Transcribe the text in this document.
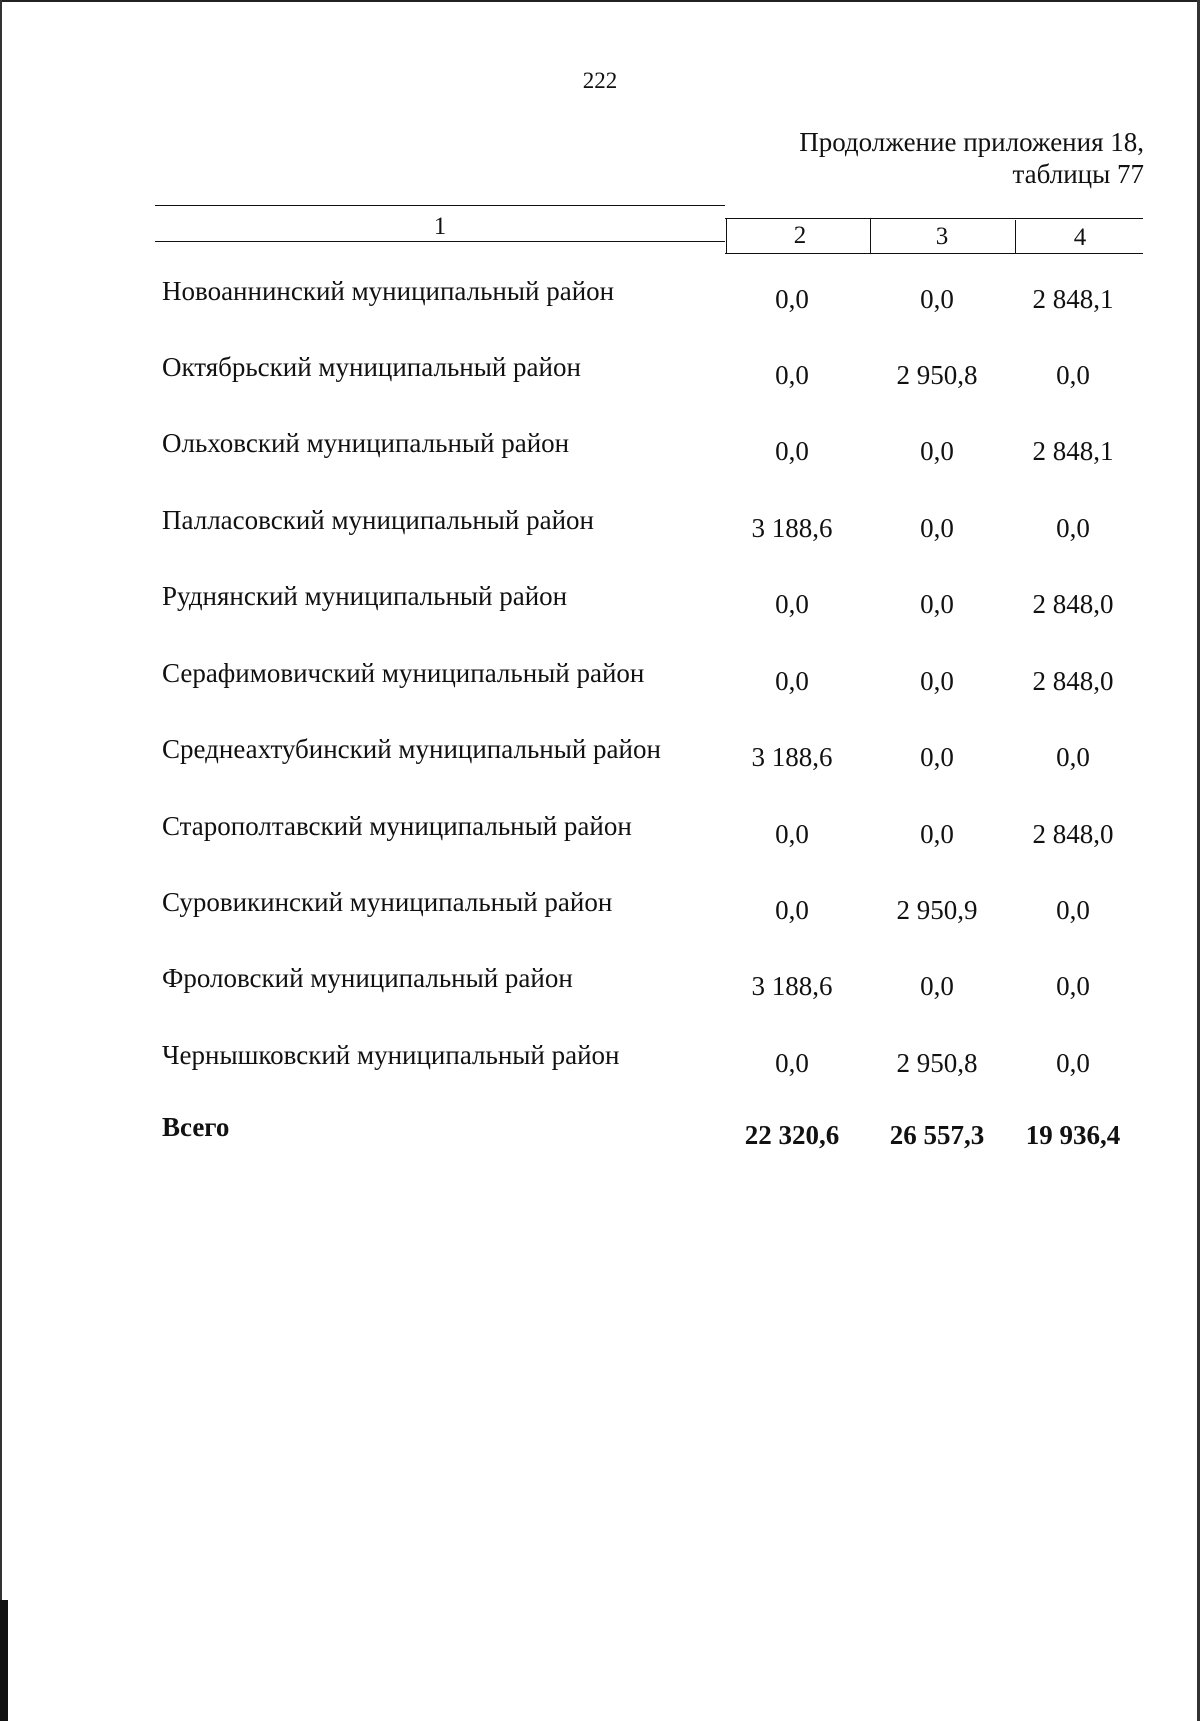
222
Продолжение приложения 18,
таблицы 77
1	2	3	4
Новоаннинский муниципальный район	0,0	0,0	2 848,1
Октябрьский муниципальный район	0,0	2 950,8	0,0
Ольховский муниципальный район	0,0	0,0	2 848,1
Палласовский муниципальный район	3 188,6	0,0	0,0
Руднянский муниципальный район	0,0	0,0	2 848,0
Серафимовичский муниципальный район	0,0	0,0	2 848,0
Среднеахтубинский муниципальный район	3 188,6	0,0	0,0
Старополтавский муниципальный район	0,0	0,0	2 848,0
Суровикинский муниципальный район	0,0	2 950,9	0,0
Фроловский муниципальный район	3 188,6	0,0	0,0
Чернышковский муниципальный район	0,0	2 950,8	0,0
Всего	22 320,6	26 557,3	19 936,4
